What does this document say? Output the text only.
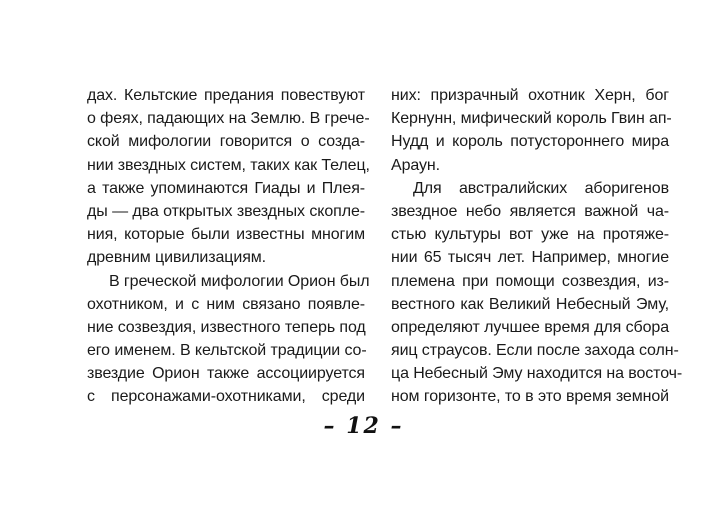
дах. Кельтские предания повествуют
о феях, падающих на Землю. В грече-
ской мифологии говорится о созда-
нии звездных систем, таких как Телец,
а также упоминаются Гиады и Плея-
ды — два открытых звездных скопле-
ния, которые были известны многим
древним цивилизациям.
В греческой мифологии Орион был
охотником, и с ним связано появле-
ние созвездия, известного теперь под
его именем. В кельтской традиции со-
звездие Орион также ассоциируется
с персонажами-охотниками, среди
них: призрачный охотник Херн, бог
Кернунн, мифический король Гвин ап-
Нудд и король потустороннего мира
Араун.
Для австралийских аборигенов
звездное небо является важной ча-
стью культуры вот уже на протяже-
нии 65 тысяч лет. Например, многие
племена при помощи созвездия, из-
вестного как Великий Небесный Эму,
определяют лучшее время для сбора
яиц страусов. Если после захода солн-
ца Небесный Эму находится на восточ-
ном горизонте, то в это время земной
– 12 –
